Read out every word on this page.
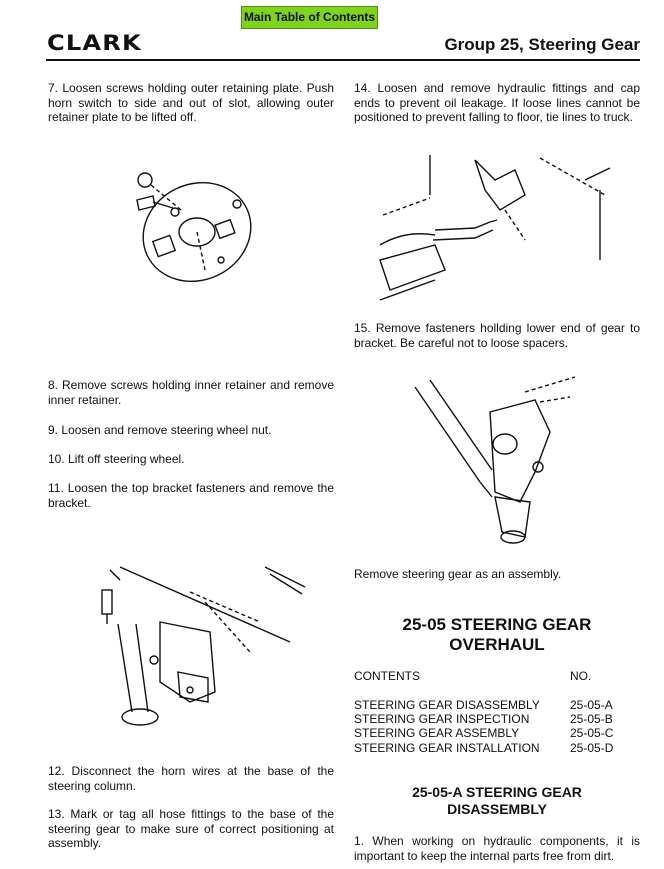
Main Table of Contents
CLARK	Group 25, Steering Gear
7. Loosen screws holding outer retaining plate. Push horn switch to side and out of slot, allowing outer retainer plate to be lifted off.
8. Remove screws holding inner retainer and remove inner retainer.
9. Loosen and remove steering wheel nut.
10. Lift off steering wheel.
11. Loosen the top bracket fasteners and remove the bracket.
12. Disconnect the horn wires at the base of the steering column.
13. Mark or tag all hose fittings to the base of the steering gear to make sure of correct positioning at assembly.
14. Loosen and remove hydraulic fittings and cap ends to prevent oil leakage. If loose lines cannot be positioned to prevent falling to floor, tie lines to truck.
15. Remove fasteners hollding lower end of gear to bracket. Be careful not to loose spacers.
Remove steering gear as an assembly.
25-05 STEERING GEAR
OVERHAUL
CONTENTS	NO.
STEERING GEAR DISASSEMBLY	25-05-A
STEERING GEAR INSPECTION	25-05-B
STEERING GEAR ASSEMBLY	25-05-C
STEERING GEAR INSTALLATION	25-05-D
25-05-A STEERING GEAR
DISASSEMBLY
1. When working on hydraulic components, it is important to keep the internal parts free from dirt.
